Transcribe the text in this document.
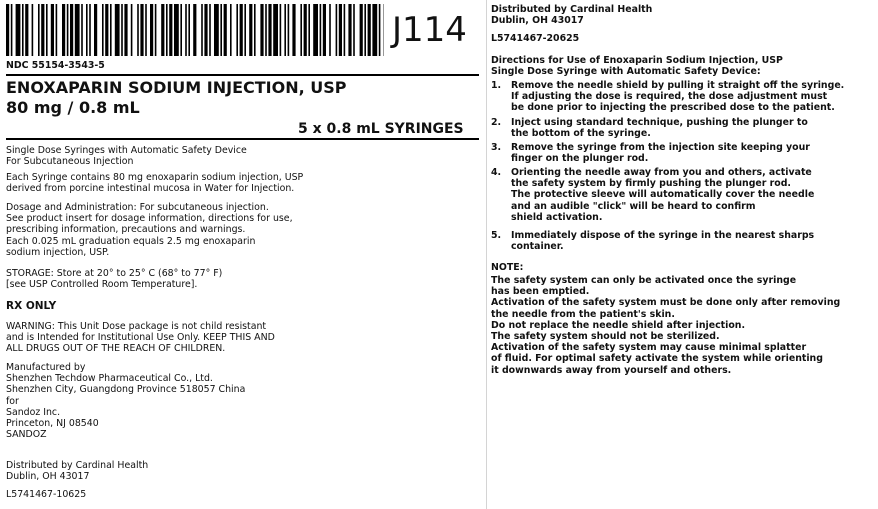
J114
NDC 55154-3543-5
ENOXAPARIN SODIUM INJECTION, USP
80 mg / 0.8 mL
5 x 0.8 mL SYRINGES

Single Dose Syringes with Automatic Safety Device

For Subcutaneous Injection

Each Syringe contains 80 mg enoxaparin sodium injection, USP

derived from porcine intestinal mucosa in Water for Injection.

Dosage and Administration: For subcutaneous injection.

See product insert for dosage information, directions for use,

prescribing information, precautions and warnings.

Each 0.025 mL graduation equals 2.5 mg enoxaparin

sodium injection, USP.

STORAGE: Store at 20° to 25° C (68° to 77° F)

[see USP Controlled Room Temperature].

RX ONLY

WARNING: This Unit Dose package is not child resistant

and is Intended for Institutional Use Only. KEEP THIS AND

ALL DRUGS OUT OF THE REACH OF CHILDREN.

Manufactured by

Shenzhen Techdow Pharmaceutical Co., Ltd.

Shenzhen City, Guangdong Province 518057 China

for

Sandoz Inc.

Princeton, NJ 08540

SANDOZ

Distributed by Cardinal Health

Dublin, OH 43017

L5741467-10625

Distributed by Cardinal Health

Dublin, OH 43017

L5741467-20625

Directions for Use of Enoxaparin Sodium Injection, USP

Single Dose Syringe with Automatic Safety Device:

1. Remove the needle shield by pulling it straight off the syringe.

If adjusting the dose is required, the dose adjustment must

be done prior to injecting the prescribed dose to the patient.

2. Inject using standard technique, pushing the plunger to

the bottom of the syringe.

3. Remove the syringe from the injection site keeping your

finger on the plunger rod.

4. Orienting the needle away from you and others, activate

the safety system by firmly pushing the plunger rod.

The protective sleeve will automatically cover the needle

and an audible "click" will be heard to confirm

shield activation.

5. Immediately dispose of the syringe in the nearest sharps

container.

NOTE:

The safety system can only be activated once the syringe

has been emptied.

Activation of the safety system must be done only after removing

the needle from the patient's skin.

Do not replace the needle shield after injection.

The safety system should not be sterilized.

Activation of the safety system may cause minimal splatter

of fluid. For optimal safety activate the system while orienting

it downwards away from yourself and others.
